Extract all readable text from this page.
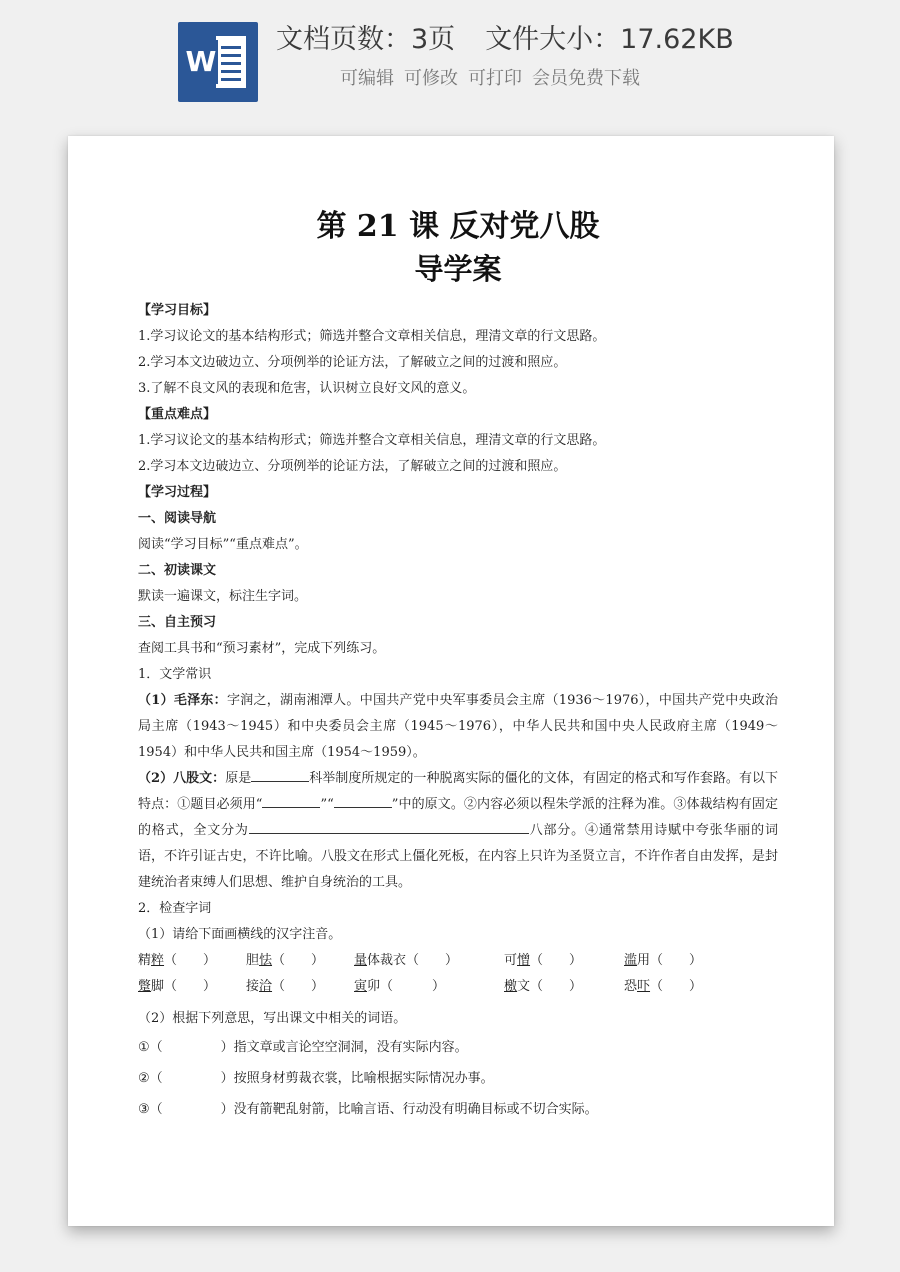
W
文档页数：3页 文件大小：17.62KB
可编辑 可修改 可打印 会员免费下载
第 21 课 反对党八股
导学案

【学习目标】

1.学习议论文的基本结构形式；筛选并整合文章相关信息，理清文章的行文思路。

2.学习本文边破边立、分项例举的论证方法，了解破立之间的过渡和照应。

3.了解不良文风的表现和危害，认识树立良好文风的意义。

【重点难点】

1.学习议论文的基本结构形式；筛选并整合文章相关信息，理清文章的行文思路。

2.学习本文边破边立、分项例举的论证方法，了解破立之间的过渡和照应。

【学习过程】

一、阅读导航

阅读“学习目标”“重点难点”。

二、初读课文

默读一遍课文，标注生字词。

三、自主预习

查阅工具书和“预习素材”，完成下列练习。

1．文学常识

（1）毛泽东：字润之，湖南湘潭人。中国共产党中央军事委员会主席（1936～1976），中国共产党中央政治局主席（1943～1945）和中央委员会主席（1945～1976），中华人民共和国中央人民政府主席（1949～1954）和中华人民共和国主席（1954～1959）。

（2）八股文：原是	科举制度所规定的一种脱离实际的僵化的文体，有固定的格式和写作套路。有以下特点：①题目必须用“	”“	”中的原文。②内容必须以程朱学派的注释为准。③体裁结构有固定的格式，全文分为	八部分。④通常禁用诗赋中夸张华丽的词语，不许引证古史，不许比喻。八股文在形式上僵化死板，在内容上只许为圣贤立言，不许作者自由发挥，是封建统治者束缚人们思想、维护自身统治的工具。

2．检查字词

（1）请给下面画横线的汉字注音。

精粹（　　）	胆怯（　　）	量体裁衣（　　）	可憎（　　）	滥用（　　）
蹩脚（　　）	接洽（　　）	寅卯（　　　）	檄文（　　）	恐吓（　　）

（2）根据下列意思，写出课文中相关的词语。

①（	）指文章或言论空空洞洞，没有实际内容。
②（	）按照身材剪裁衣裳，比喻根据实际情况办事。
③（	）没有箭靶乱射箭，比喻言语、行动没有明确目标或不切合实际。
